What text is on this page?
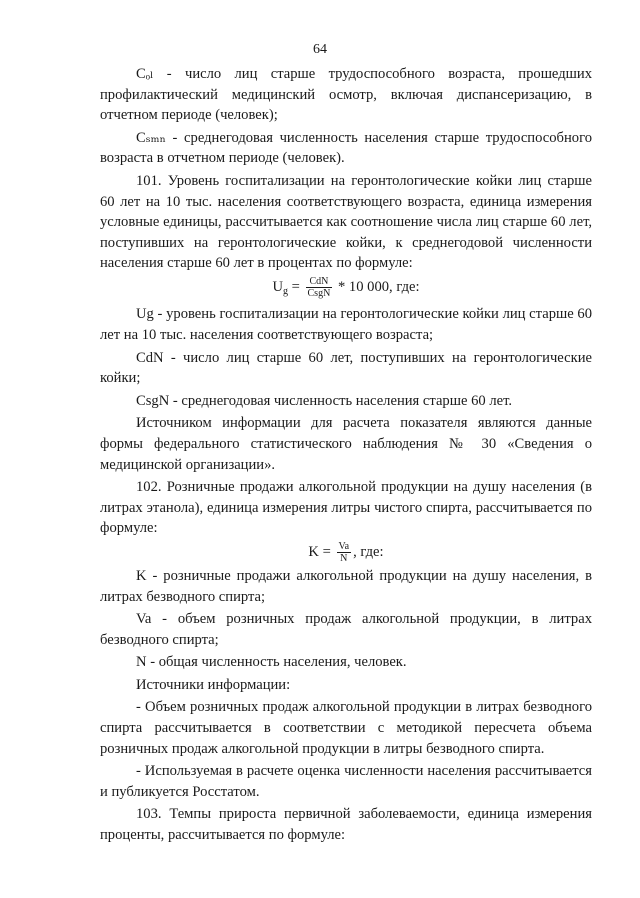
64

Cₒₗ - число лиц старше трудоспособного возраста, прошедших профилактический медицинский осмотр, включая диспансеризацию, в отчетном периоде (человек);

Cₛₘₙ - среднегодовая численность населения старше трудоспособного возраста в отчетном периоде (человек).

101. Уровень госпитализации на геронтологические койки лиц старше 60 лет на 10 тыс. населения соответствующего возраста, единица измерения условные единицы, рассчитывается как соотношение числа лиц старше 60 лет, поступивших на геронтологические койки, к среднегодовой численности населения старше 60 лет в процентах по формуле:

$U_g = \frac{\text{CdN}}{\text{CsgN}} * 10$ 000, где:

Ug - уровень госпитализации на геронтологические койки лиц старше 60 лет на 10 тыс. населения соответствующего возраста;

CdN - число лиц старше 60 лет, поступивших на геронтологические койки;

CsgN - среднегодовая численность населения старше 60 лет.

Источником информации для расчета показателя являются данные формы федерального статистического наблюдения № 30 «Сведения о медицинской организации».

102. Розничные продажи алкогольной продукции на душу населения (в литрах этанола), единица измерения литры чистого спирта, рассчитывается по формуле:

$K = \frac{Va}{N}$ , где:

K - розничные продажи алкогольной продукции на душу населения, в литрах безводного спирта;

Va - объем розничных продаж алкогольной продукции, в литрах безводного спирта;

N - общая численность населения, человек.

Источники информации:

- Объем розничных продаж алкогольной продукции в литрах безводного спирта рассчитывается в соответствии с методикой пересчета объема розничных продаж алкогольной продукции в литры безводного спирта.

- Используемая в расчете оценка численности населения рассчитывается и публикуется Росстатом.

103. Темпы прироста первичной заболеваемости, единица измерения проценты, рассчитывается по формуле:
